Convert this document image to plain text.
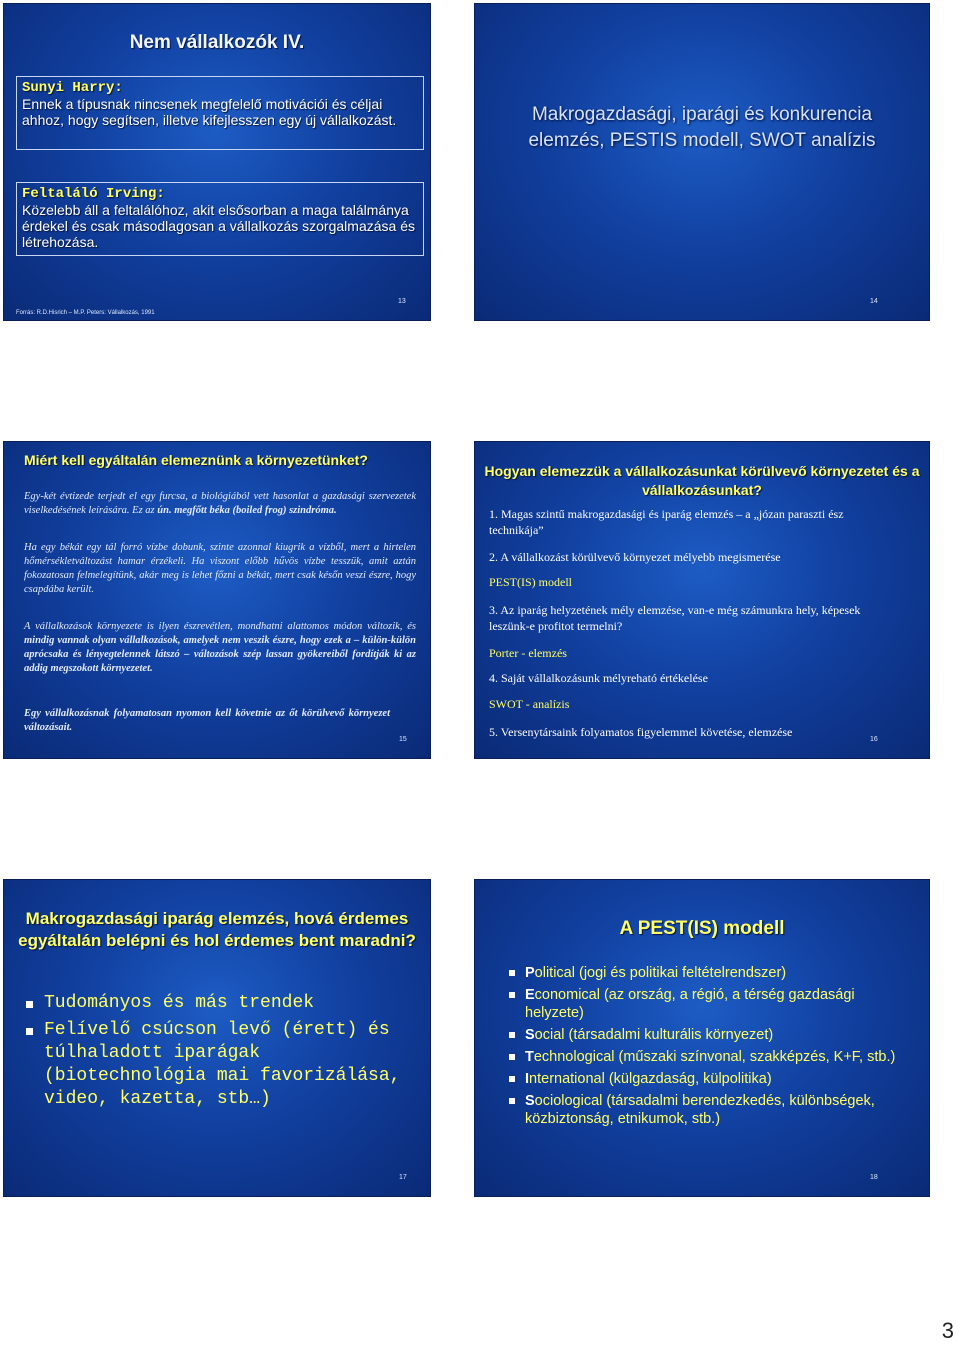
Nem vállalkozók IV.
Sunyi Harry:
Ennek a típusnak nincsenek megfelelő motivációi és céljai ahhoz, hogy segítsen, illetve kifejlesszen egy új vállalkozást.
Feltaláló Irving:
Közelebb áll a feltalálóhoz, akit elsősorban a maga találmánya érdekel és csak másodlagosan a vállalkozás szorgalmazása és létrehozása.
Forrás: R.D.Hisrich – M.P. Peters: Vállalkozás, 1991
13
Makrogazdasági, iparági és konkurencia elemzés, PESTIS modell, SWOT analízis
14
Miért kell egyáltalán elemeznünk a környezetünket?
Egy-két évtizede terjedt el egy furcsa, a biológiából vett hasonlat a gazdasági szervezetek viselkedésének leírására. Ez az ún. megfőtt béka (boiled frog) szindróma.
Ha egy békát egy tál forró vízbe dobunk, szinte azonnal kiugrik a vízből, mert a hirtelen hőmérsékletváltozást hamar érzékeli. Ha viszont előbb hűvös vízbe tesszük, amit aztán fokozatosan felmelegítünk, akár meg is lehet főzni a békát, mert csak későn veszi észre, hogy csapdába került.
A vállalkozások környezete is ilyen észrevétlen, mondhatni alattomos módon változik, és mindig vannak olyan vállalkozások, amelyek nem veszik észre, hogy ezek a – külön-külön aprócsaka és lényegtelennek látszó – változások szép lassan gyökereiből fordítják ki az addig megszokott környezetet.
Egy vállalkozásnak folyamatosan nyomon kell követnie az őt körülvevő környezet változásait.
15
Hogyan elemezzük a vállalkozásunkat körülvevő környezetet és a vállalkozásunkat?
1. Magas szintű makrogazdasági és iparág elemzés – a „józan paraszti ész technikája”
2. A vállalkozást körülvevő környezet mélyebb megismerése
PEST(IS) modell
3. Az iparág helyzetének mély elemzése, van-e még számunkra hely, képesek leszünk-e profitot termelni?
Porter - elemzés
4. Saját vállalkozásunk mélyreható értékelése
SWOT - analízis
5. Versenytársaink folyamatos figyelemmel követése, elemzése
16
Makrogazdasági iparág elemzés, hová érdemes egyáltalán belépni és hol érdemes bent maradni?
Tudományos és más trendek
Felívelő csúcson levő (érett) és túlhaladott iparágak (biotechnológia mai favorizálása, video, kazetta, stb…)
17
A PEST(IS) modell
Political (jogi és politikai feltételrendszer)
Economical (az ország, a régió, a térség gazdasági helyzete)
Social (társadalmi kulturális környezet)
Technological (műszaki színvonal, szakképzés, K+F, stb.)
International (külgazdaság, külpolitika)
Sociological (társadalmi berendezkedés, különbségek, közbiztonság, etnikumok, stb.)
18
3
